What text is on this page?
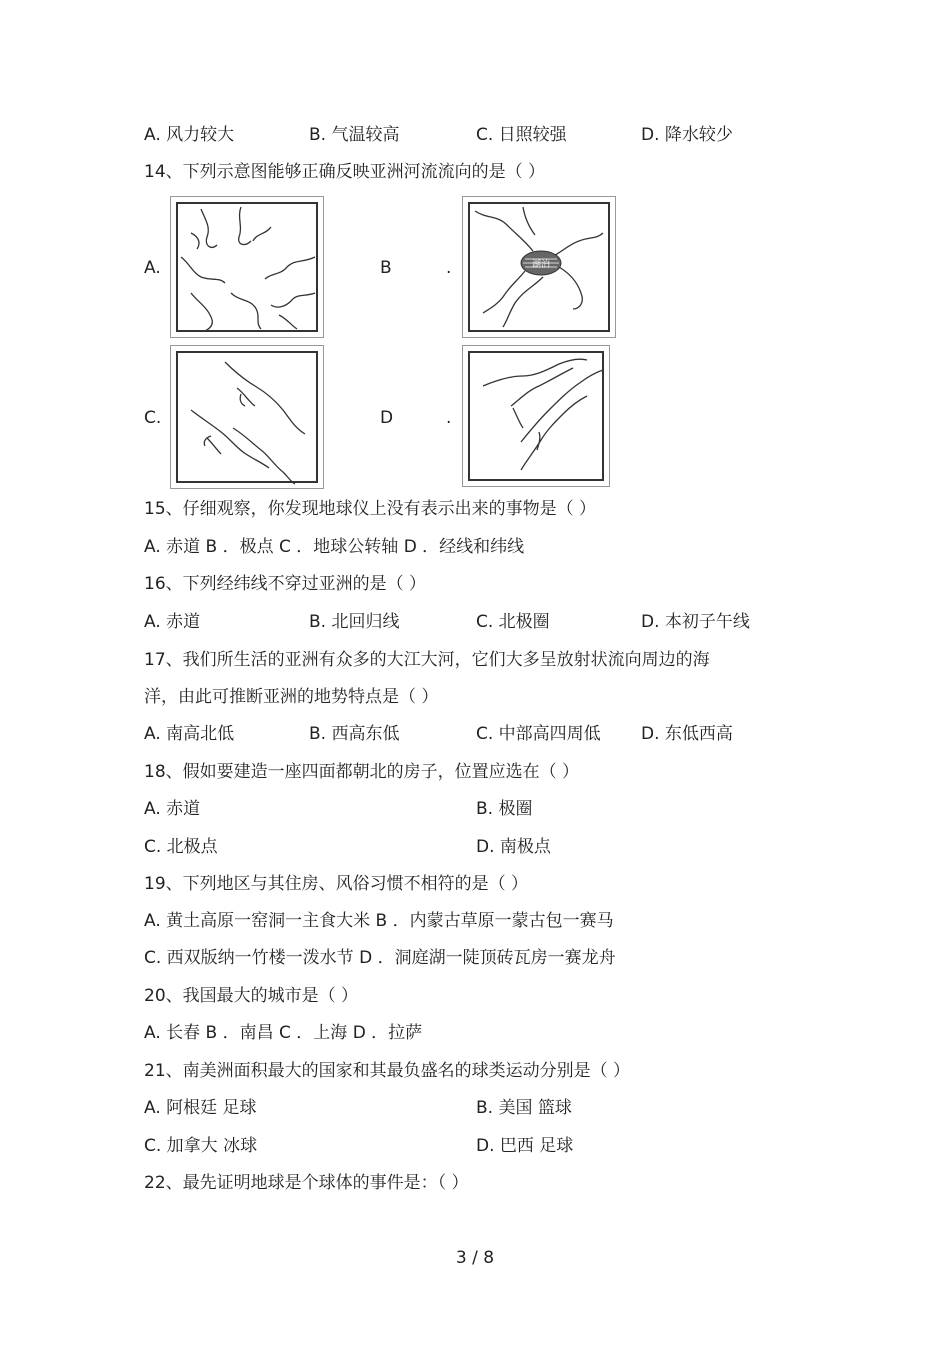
A. 风力较大	B. 气温较高	C. 日照较强	D. 降水较少
14、下列示意图能够正确反映亚洲河流流向的是（ ）
A.	B	.	湖泊
C.	D	.
15、仔细观察，你发现地球仪上没有表示出来的事物是（ ）
A. 赤道 B ．极点 C ．地球公转轴 D ．经线和纬线
16、下列经纬线不穿过亚洲的是（ ）
A. 赤道	B. 北回归线	C. 北极圈	D. 本初子午线
17、我们所生活的亚洲有众多的大江大河，它们大多呈放射状流向周边的海
洋，由此可推断亚洲的地势特点是（ ）
A. 南高北低	B. 西高东低	C. 中部高四周低 D. 东低西高
18、假如要建造一座四面都朝北的房子，位置应选在（ ）
A. 赤道	B. 极圈
C. 北极点	D. 南极点
19、下列地区与其住房、风俗习惯不相符的是（ ）
A. 黄土高原一窑洞一主食大米 B ．内蒙古草原一蒙古包一赛马
C. 西双版纳一竹楼一泼水节 D ．洞庭湖一陡顶砖瓦房一赛龙舟
20、我国最大的城市是（ ）
A. 长春 B ．南昌 C ．上海 D ．拉萨
21、南美洲面积最大的国家和其最负盛名的球类运动分别是（ ）
A. 阿根廷 足球	B. 美国 篮球
C. 加拿大 冰球	D. 巴西 足球
22、最先证明地球是个球体的事件是：（ ）
3 / 8
